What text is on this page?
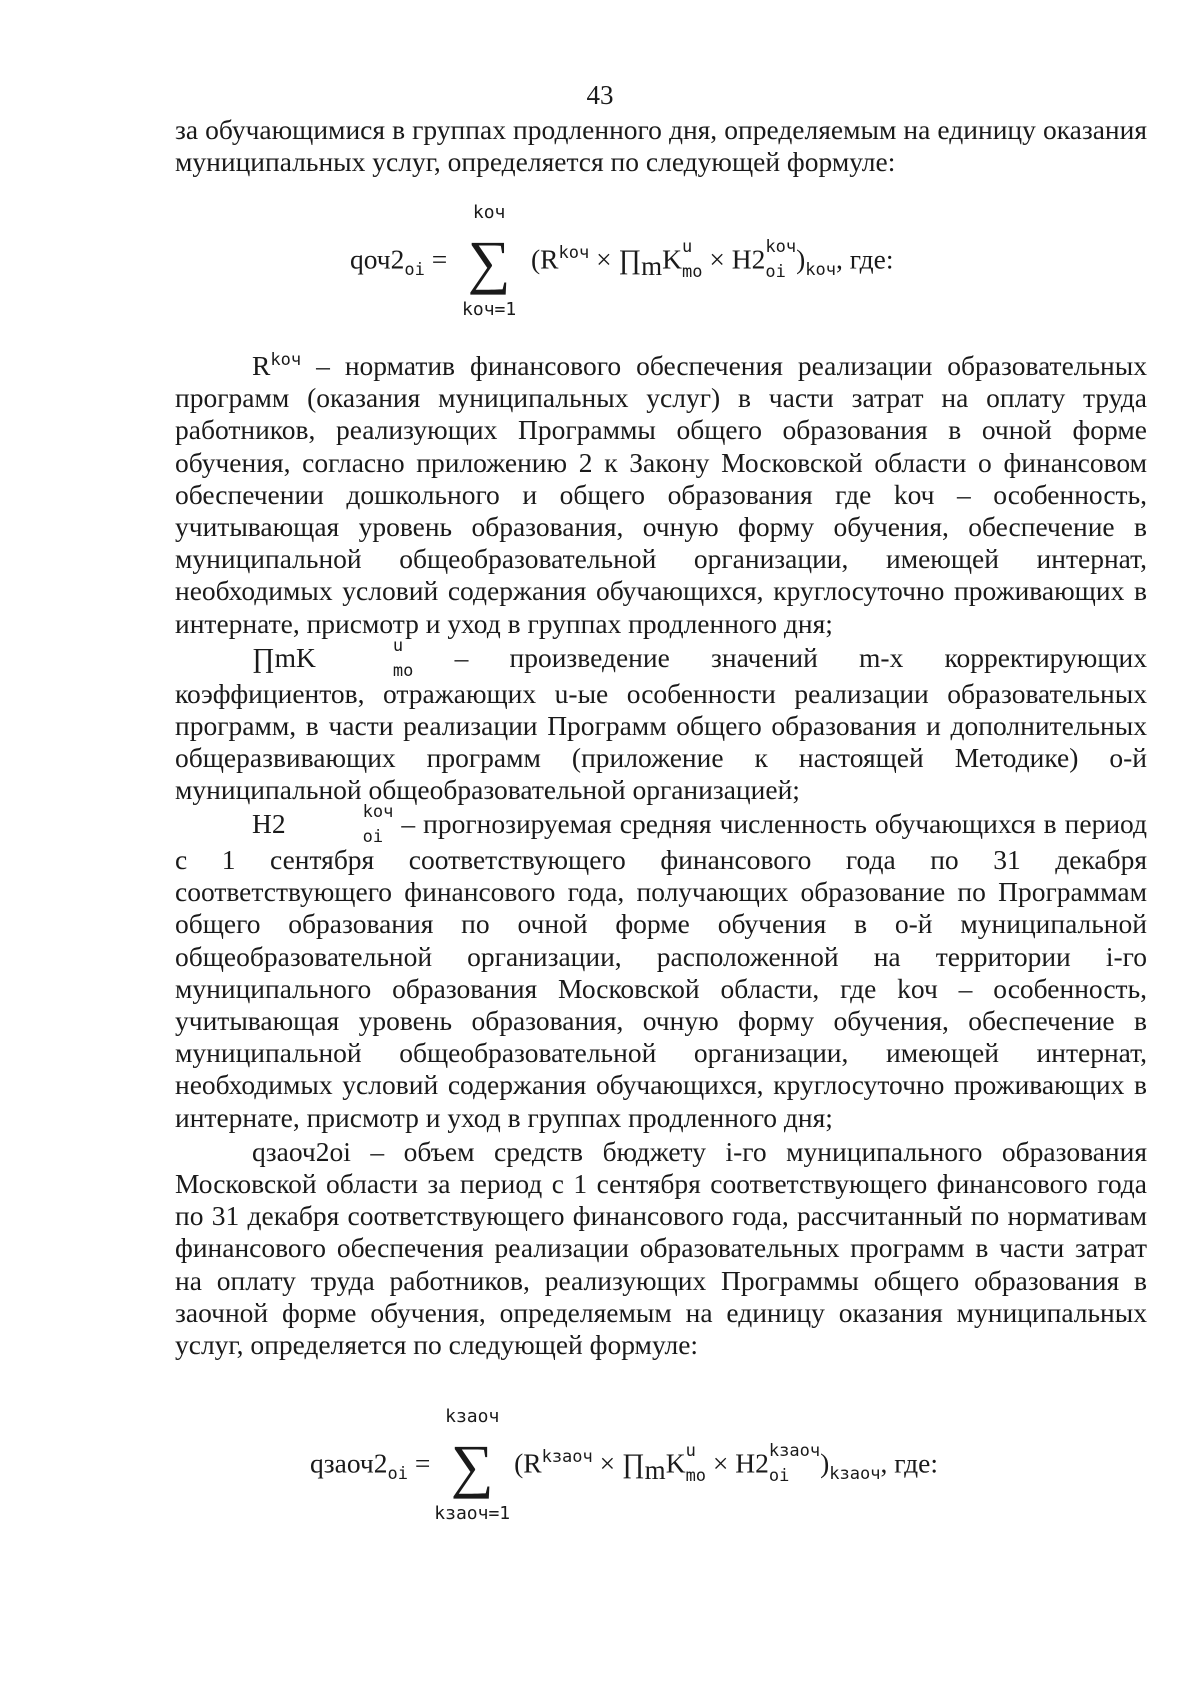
43

за обучающимися в группах продленного дня, определяемым на единицу оказания муниципальных услуг, определяется по следующей формуле:

$qоч2_{oi}$ =
kоч
∑
kоч=1
($R^{kоч}$ × $\prod_mK$ u
mo × H2 kоч
oi )$_{kоч}$, где:

$R^{kоч}$ – норматив финансового обеспечения реализации образовательных программ (оказания муниципальных услуг) в части затрат на оплату труда работников, реализующих Программы общего образования в очной форме обучения, согласно приложению 2 к Закону Московской области о финансовом обеспечении дошкольного и общего образования где kоч – особенность, учитывающая уровень образования, очную форму обучения, обеспечение в муниципальной общеобразовательной организации, имеющей интернат, необходимых условий содержания обучающихся, круглосуточно проживающих в интернате, присмотр и уход в группах продленного дня;

∏mK	u
mo – произведение значений m-х корректирующих коэффициентов, отражающих u-ые особенности реализации образовательных программ, в части реализации Программ общего образования и дополнительных общеразвивающих программ (приложение к настоящей Методике) o-й муниципальной общеобразовательной организацией;

H2	kоч
oi – прогнозируемая средняя численность обучающихся в период с 1 сентября соответствующего финансового года по 31 декабря соответствующего финансового года, получающих образование по Программам общего образования по очной форме обучения в o-й муниципальной общеобразовательной организации, расположенной на территории i-го муниципального образования Московской области, где kоч – особенность, учитывающая уровень образования, очную форму обучения, обеспечение в муниципальной общеобразовательной организации, имеющей интернат, необходимых условий содержания обучающихся, круглосуточно проживающих в интернате, присмотр и уход в группах продленного дня;

qзаоч2oi – объем средств бюджету i-го муниципального образования Московской области за период с 1 сентября соответствующего финансового года по 31 декабря соответствующего финансового года, рассчитанный по нормативам финансового обеспечения реализации образовательных программ в части затрат на оплату труда работников, реализующих Программы общего образования в заочной форме обучения, определяемым на единицу оказания муниципальных услуг, определяется по следующей формуле:

$qзаоч2_{oi}$ =
kзаоч
∑
kзаоч=1
($R^{kзаоч}$ × $\prod_mK$ u
mo × H2 kзаоч
oi	)$_{kзаоч}$, где:
